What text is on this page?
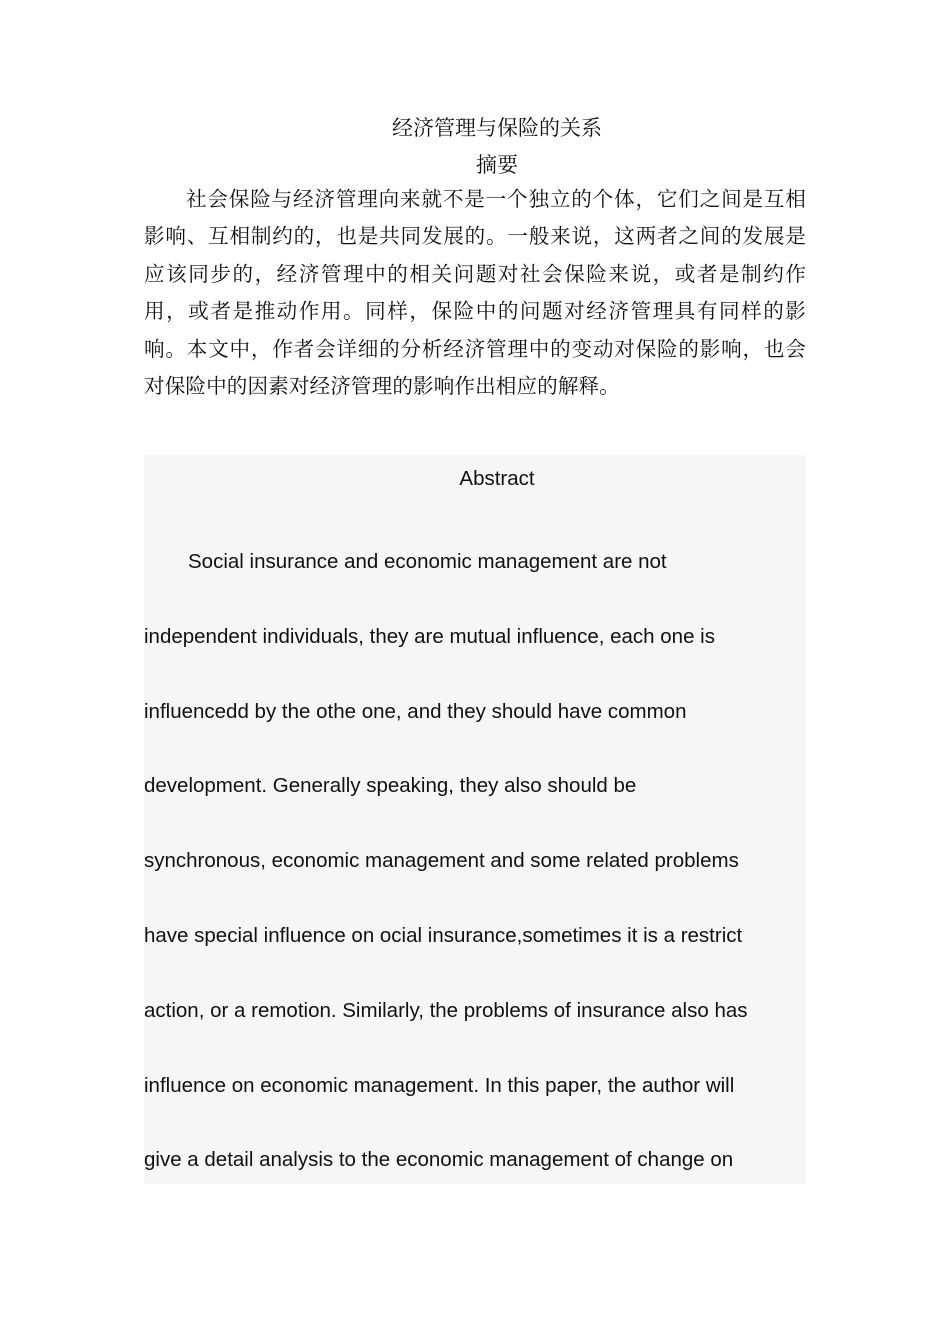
经济管理与保险的关系
摘要
社会保险与经济管理向来就不是一个独立的个体，它们之间是互相影响、互相制约的，也是共同发展的。一般来说，这两者之间的发展是应该同步的，经济管理中的相关问题对社会保险来说，或者是制约作用，或者是推动作用。同样，保险中的问题对经济管理具有同样的影响。本文中，作者会详细的分析经济管理中的变动对保险的影响，也会对保险中的因素对经济管理的影响作出相应的解释。
Abstract
Social insurance and economic management are not
independent individuals, they are mutual influence, each one is
influencedd by the othe one, and they should have common
development. Generally speaking, they also should be
synchronous, economic management and some related problems
have special influence on ocial insurance,sometimes it is a restrict
action, or a remotion. Similarly, the problems of insurance also has
influence on economic management. In this paper, the author will
give a detail analysis to the economic management of change on
